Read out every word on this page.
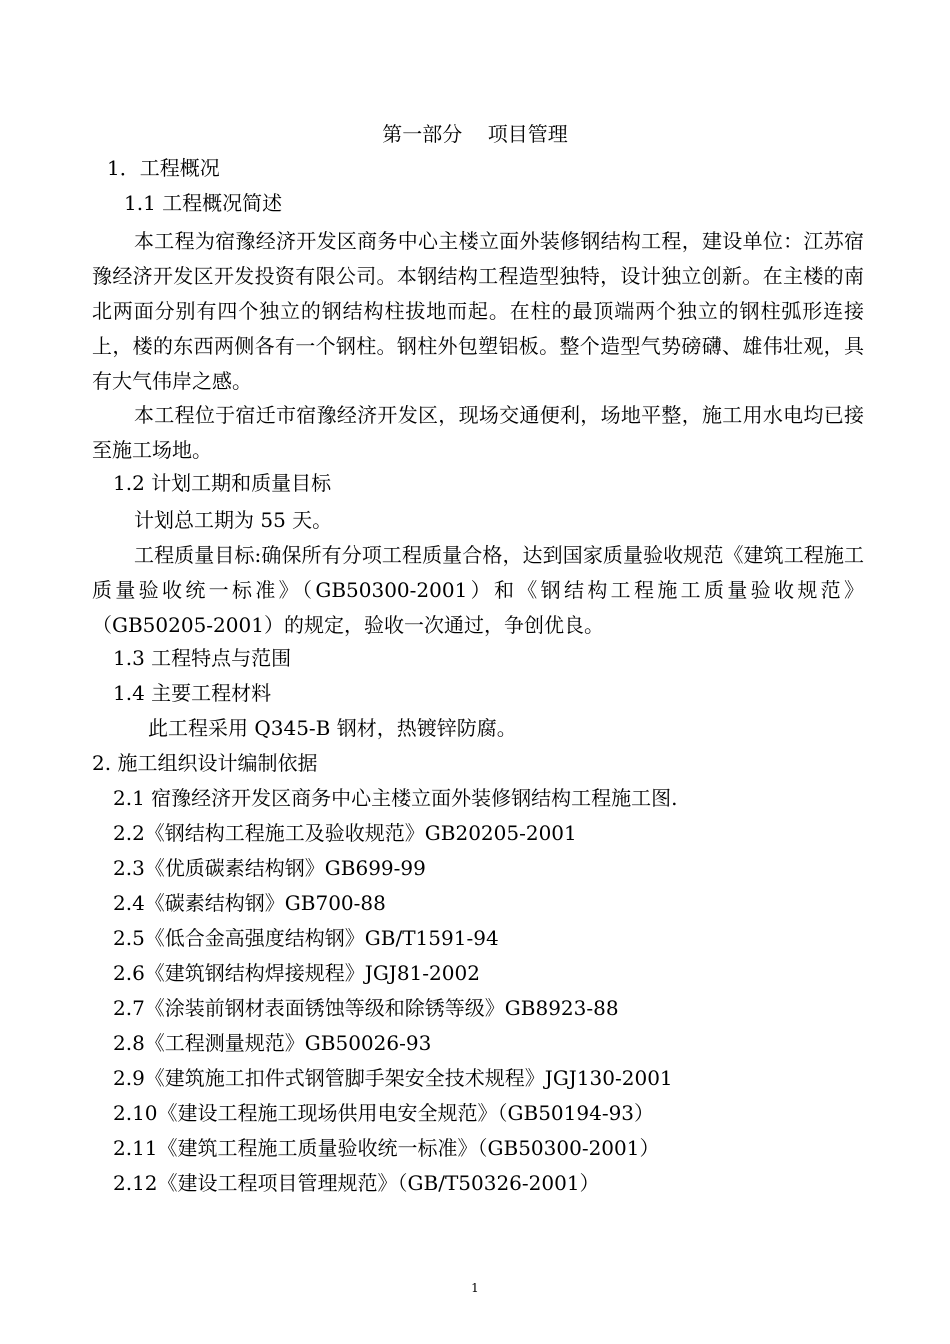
第一部分    项目管理
1．工程概况
1.1 工程概况简述

本工程为宿豫经济开发区商务中心主楼立面外装修钢结构工程，建设单位：江苏宿豫经济开发区开发投资有限公司。本钢结构工程造型独特，设计独立创新。在主楼的南北两面分别有四个独立的钢结构柱拔地而起。在柱的最顶端两个独立的钢柱弧形连接上，楼的东西两侧各有一个钢柱。钢柱外包塑铝板。整个造型气势磅礴、雄伟壮观，具有大气伟岸之感。

本工程位于宿迁市宿豫经济开发区，现场交通便利，场地平整，施工用水电均已接至施工场地。

1.2 计划工期和质量目标

计划总工期为 55 天。

工程质量目标:确保所有分项工程质量合格，达到国家质量验收规范《建筑工程施工质量验收统一标准》（GB50300-2001）和《钢结构工程施工质量验收规范》（GB50205-2001）的规定，验收一次通过，争创优良。

1.3 工程特点与范围
1.4 主要工程材料
此工程采用 Q345-B 钢材，热镀锌防腐。
2. 施工组织设计编制依据
2.1 宿豫经济开发区商务中心主楼立面外装修钢结构工程施工图.
2.2《钢结构工程施工及验收规范》GB20205-2001
2.3《优质碳素结构钢》GB699-99
2.4《碳素结构钢》GB700-88
2.5《低合金高强度结构钢》GB/T1591-94
2.6《建筑钢结构焊接规程》JGJ81-2002
2.7《涂装前钢材表面锈蚀等级和除锈等级》GB8923-88
2.8《工程测量规范》GB50026-93
2.9《建筑施工扣件式钢管脚手架安全技术规程》JGJ130-2001
2.10《建设工程施工现场供用电安全规范》（GB50194-93）
2.11《建筑工程施工质量验收统一标准》（GB50300-2001）
2.12《建设工程项目管理规范》（GB/T50326-2001）
1
